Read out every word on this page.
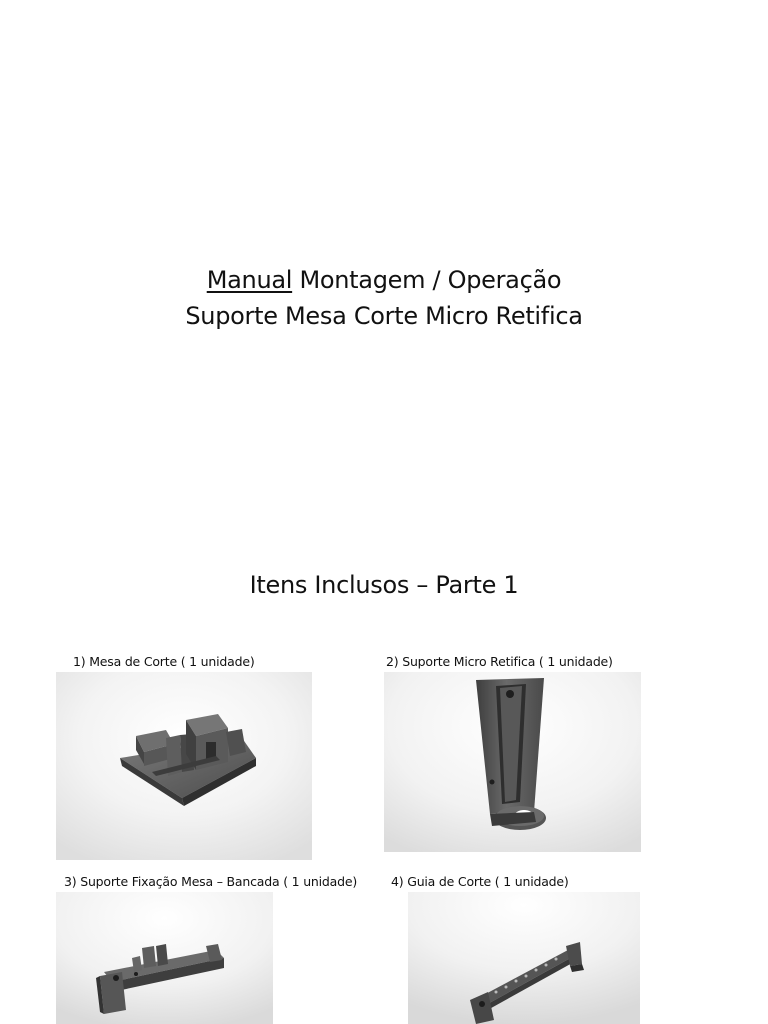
Manual Montagem / Operação
Suporte Mesa Corte Micro Retifica
Itens Inclusos – Parte 1
1) Mesa de Corte ( 1 unidade)	2) Suporte Micro Retifica ( 1 unidade)
3) Suporte Fixação Mesa – Bancada ( 1 unidade)	4) Guia de Corte ( 1 unidade)
